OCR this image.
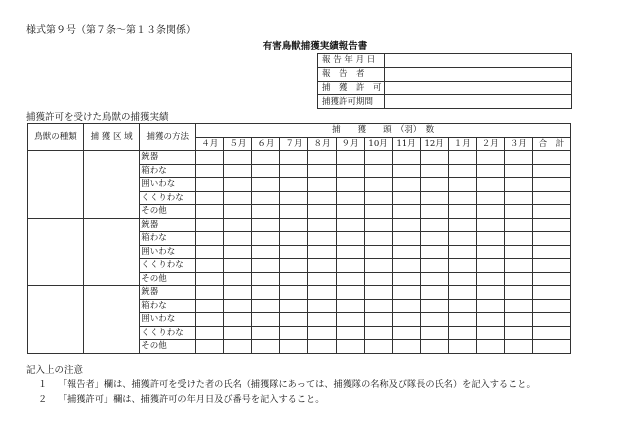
様式第９号（第７条～第１３条関係）
有害鳥獣捕獲実績報告書
報 告 年 月 日	
報　告　者	
捕　獲　許　可	
捕獲許可期間	
捕獲許可を受けた鳥獣の捕獲実績
鳥獣の種類	捕 獲 区 域	捕獲の方法	捕　　獲　　頭　（羽）　数												
			４月	５月	６月	７月	８月	９月	10月	11月	12月	１月	２月	３月	合　計
		銃器													
		箱わな													
		囲いわな													
		くくりわな													
		その他													
		銃器													
		箱わな													
		囲いわな													
		くくりわな													
		その他													
		銃器													
		箱わな													
		囲いわな													
		くくりわな													
		その他													
記入上の注意
１ 「報告者」欄は、捕獲許可を受けた者の氏名（捕獲隊にあっては、捕獲隊の名称及び隊長の氏名）を記入すること。
２ 「捕獲許可」欄は、捕獲許可の年月日及び番号を記入すること。
